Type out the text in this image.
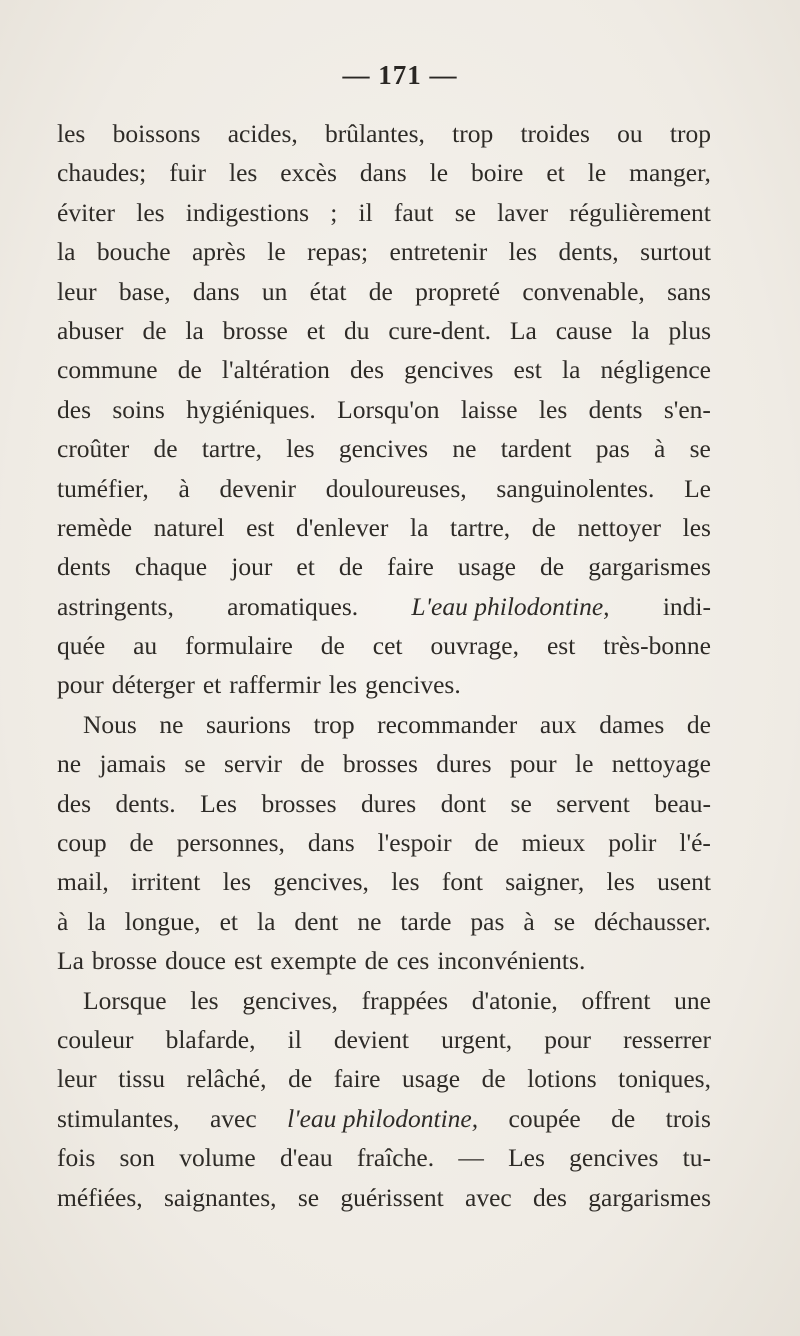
— 171 —
les boissons acides, brûlantes, trop troides ou trop
chaudes; fuir les excès dans le boire et le manger,
éviter les indigestions ; il faut se laver régulièrement
la bouche après le repas; entretenir les dents, surtout
leur base, dans un état de propreté convenable, sans
abuser de la brosse et du cure-dent. La cause la plus
commune de l'altération des gencives est la négligence
des soins hygiéniques. Lorsqu'on laisse les dents s'en-
croûter de tartre, les gencives ne tardent pas à se
tuméfier, à devenir douloureuses, sanguinolentes. Le
remède naturel est d'enlever la tartre, de nettoyer les
dents chaque jour et de faire usage de gargarismes
astringents, aromatiques. L'eau philodontine, indi-
quée au formulaire de cet ouvrage, est très-bonne
pour déterger et raffermir les gencives.
Nous ne saurions trop recommander aux dames de
ne jamais se servir de brosses dures pour le nettoyage
des dents. Les brosses dures dont se servent beau-
coup de personnes, dans l'espoir de mieux polir l'é-
mail, irritent les gencives, les font saigner, les usent
à la longue, et la dent ne tarde pas à se déchausser.
La brosse douce est exempte de ces inconvénients.
Lorsque les gencives, frappées d'atonie, offrent une
couleur blafarde, il devient urgent, pour resserrer
leur tissu relâché, de faire usage de lotions toniques,
stimulantes, avec l'eau philodontine, coupée de trois
fois son volume d'eau fraîche. — Les gencives tu-
méfiées, saignantes, se guérissent avec des gargarismes
